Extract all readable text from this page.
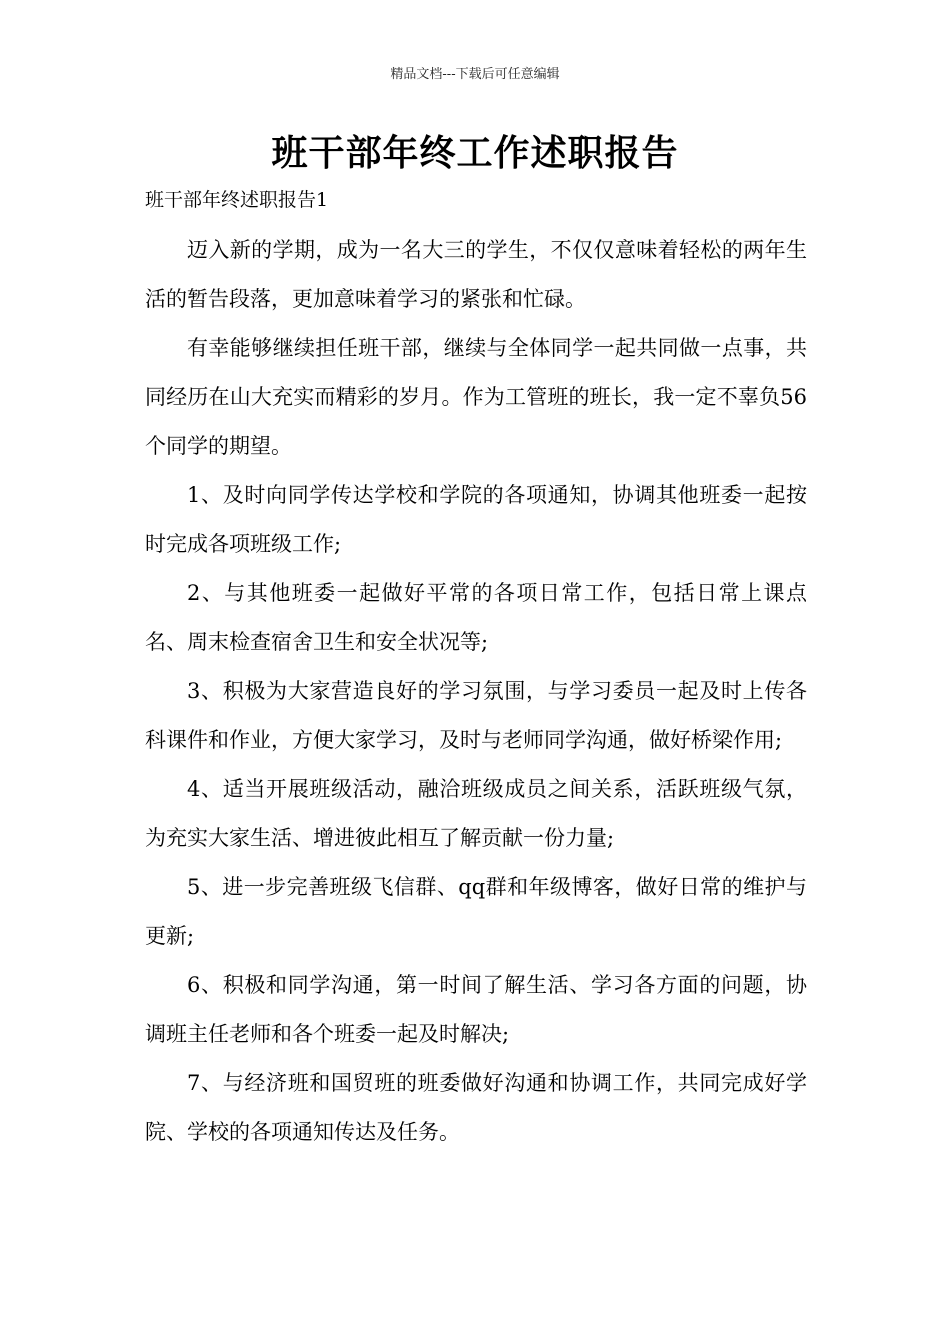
精品文档---下载后可任意编辑
班干部年终工作述职报告
班干部年终述职报告1

迈入新的学期，成为一名大三的学生，不仅仅意味着轻松的两年生活的暂告段落，更加意味着学习的紧张和忙碌。

有幸能够继续担任班干部，继续与全体同学一起共同做一点事，共同经历在山大充实而精彩的岁月。作为工管班的班长，我一定不辜负56个同学的期望。

1、及时向同学传达学校和学院的各项通知，协调其他班委一起按时完成各项班级工作;

2、与其他班委一起做好平常的各项日常工作，包括日常上课点名、周末检查宿舍卫生和安全状况等;

3、积极为大家营造良好的学习氛围，与学习委员一起及时上传各科课件和作业，方便大家学习，及时与老师同学沟通，做好桥梁作用;

4、适当开展班级活动，融洽班级成员之间关系，活跃班级气氛，为充实大家生活、增进彼此相互了解贡献一份力量;

5、进一步完善班级飞信群、qq群和年级博客，做好日常的维护与更新;

6、积极和同学沟通，第一时间了解生活、学习各方面的问题，协调班主任老师和各个班委一起及时解决;

7、与经济班和国贸班的班委做好沟通和协调工作，共同完成好学院、学校的各项通知传达及任务。
